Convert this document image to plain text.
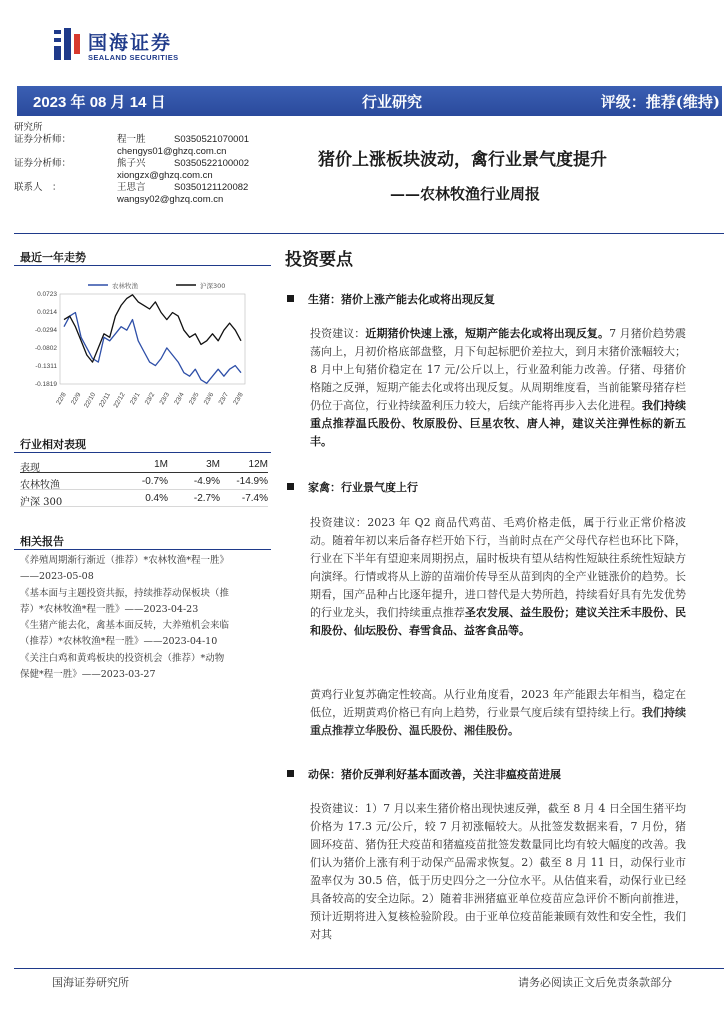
国海证券
SEALAND SECURITIES
2023 年 08 月 14 日	行业研究	评级：推荐(维持)
研究所
证券分析师：	程一胜	S0350521070001
chengys01@ghzq.com.cn
证券分析师：	熊子兴	S0350522100002
xiongzx@ghzq.com.cn
联系人　：	王思言	S0350121120082
wangsy02@ghzq.com.cn
猪价上涨板块波动，禽行业景气度提升
——农林牧渔行业周报
最近一年走势
农林牧渔	沪深300
0.0723
0.0214
-0.0294
-0.0802
-0.1311
-0.1819
22/8 22/9 22/10 22/11 22/12 23/1 23/2 23/3 23/4 23/5 23/6 23/7 23/8
行业相对表现
表现	1M	3M	12M
农林牧渔	-0.7%	-4.9%	-14.9%
沪深 300	0.4%	-2.7%	-7.4%
相关报告
《养殖周期渐行渐近（推荐）*农林牧渔*程一胜》
——2023-05-08
《基本面与主题投资共振，持续推荐动保板块（推
荐）*农林牧渔*程一胜》——2023-04-23
《生猪产能去化，禽基本面反转，大养殖机会来临
（推荐）*农林牧渔*程一胜》——2023-04-10
《关注白鸡和黄鸡板块的投资机会（推荐）*动物
保健*程一胜》——2023-03-27
投资要点
生猪：猪价上涨产能去化或将出现反复
投资建议：近期猪价快速上涨，短期产能去化或将出现反复。7 月猪价趋势震荡向上，月初价格底部盘整，月下旬起标肥价差拉大，到月末猪价涨幅较大；8 月中上旬猪价稳定在 17 元/公斤以上，行业盈利能力改善。仔猪、母猪价格随之反弹，短期产能去化或将出现反复。从周期维度看，当前能繁母猪存栏仍位于高位，行业持续盈利压力较大，后续产能将再步入去化进程。我们持续重点推荐温氏股份、牧原股份、巨星农牧、唐人神，建议关注弹性标的新五丰。
家禽：行业景气度上行
投资建议：2023 年 Q2 商品代鸡苗、毛鸡价格走低，属于行业正常价格波动。随着年初以来后备存栏开始下行，当前时点在产父母代存栏也环比下降，行业在下半年有望迎来周期拐点，届时板块有望从结构性短缺往系统性短缺方向演绎。行情或将从上游的苗端价传导至从苗到肉的全产业链涨价的趋势。长期看，国产品种占比逐年提升，进口替代是大势所趋，持续看好具有先发优势的行业龙头，我们持续重点推荐圣农发展、益生股份；建议关注禾丰股份、民和股份、仙坛股份、春雪食品、益客食品等。
黄鸡行业复苏确定性较高。从行业角度看，2023 年产能跟去年相当，稳定在低位，近期黄鸡价格已有向上趋势，行业景气度后续有望持续上行。我们持续重点推荐立华股份、温氏股份、湘佳股份。
动保：猪价反弹利好基本面改善，关注非瘟疫苗进展
投资建议：1）7 月以来生猪价格出现快速反弹，截至 8 月 4 日全国生猪平均价格为 17.3 元/公斤，较 7 月初涨幅较大。从批签发数据来看，7 月份，猪圆环疫苗、猪伪狂犬疫苗和猪瘟疫苗批签发数量同比均有较大幅度的改善。我们认为猪价上涨有利于动保产品需求恢复。2）截至 8 月 11 日，动保行业市盈率仅为 30.5 倍，低于历史四分之一分位水平。从估值来看，动保行业已经具备较高的安全边际。2）随着非洲猪瘟亚单位疫苗应急评价不断向前推进，预计近期将进入复核检验阶段。由于亚单位疫苗能兼顾有效性和安全性，我们对其
国海证券研究所	请务必阅读正文后免责条款部分
